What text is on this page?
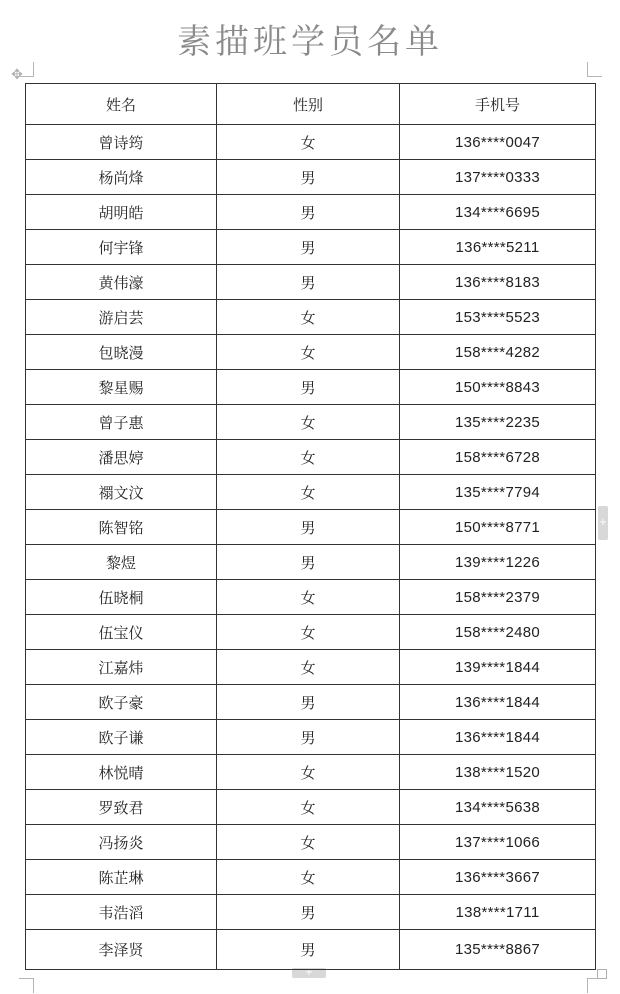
素描班学员名单
✥
+
+
姓名	性别	手机号
曾诗筠	女	136****0047
杨尚烽	男	137****0333
胡明皓	男	134****6695
何宇锋	男	136****5211
黄伟濠	男	136****8183
游启芸	女	153****5523
包晓漫	女	158****4282
黎星赐	男	150****8843
曾子惠	女	135****2235
潘思婷	女	158****6728
禤文汶	女	135****7794
陈智铭	男	150****8771
黎煜	男	139****1226
伍晓桐	女	158****2379
伍宝仪	女	158****2480
江嘉炜	女	139****1844
欧子豪	男	136****1844
欧子谦	男	136****1844
林悦晴	女	138****1520
罗致君	女	134****5638
冯扬炎	女	137****1066
陈芷琳	女	136****3667
韦浩滔	男	138****1711
李泽贤	男	135****8867
